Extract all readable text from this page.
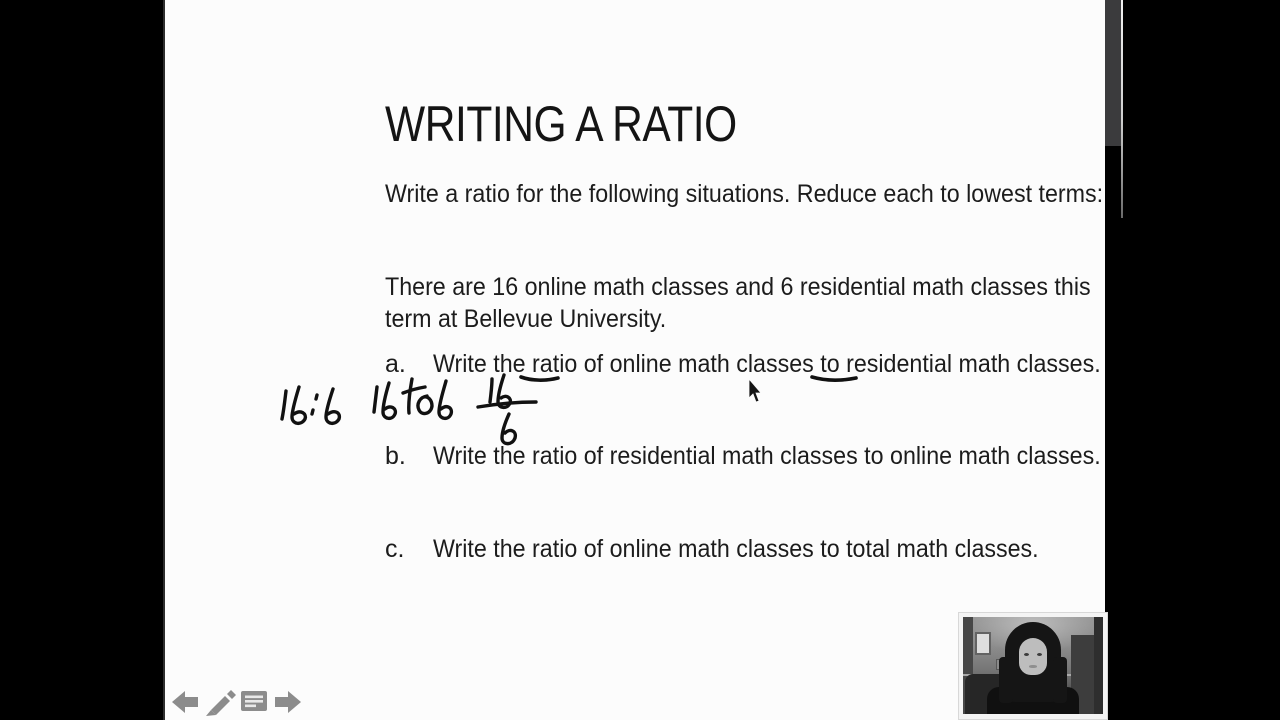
WRITING A RATIO
Write a ratio for the following situations. Reduce each to lowest terms:
There are 16 online math classes and 6 residential math classes this
term at Bellevue University.
a. Write the ratio of online math classes to residential math classes.
b. Write the ratio of residential math classes to online math classes.
c. Write the ratio of online math classes to total math classes.
